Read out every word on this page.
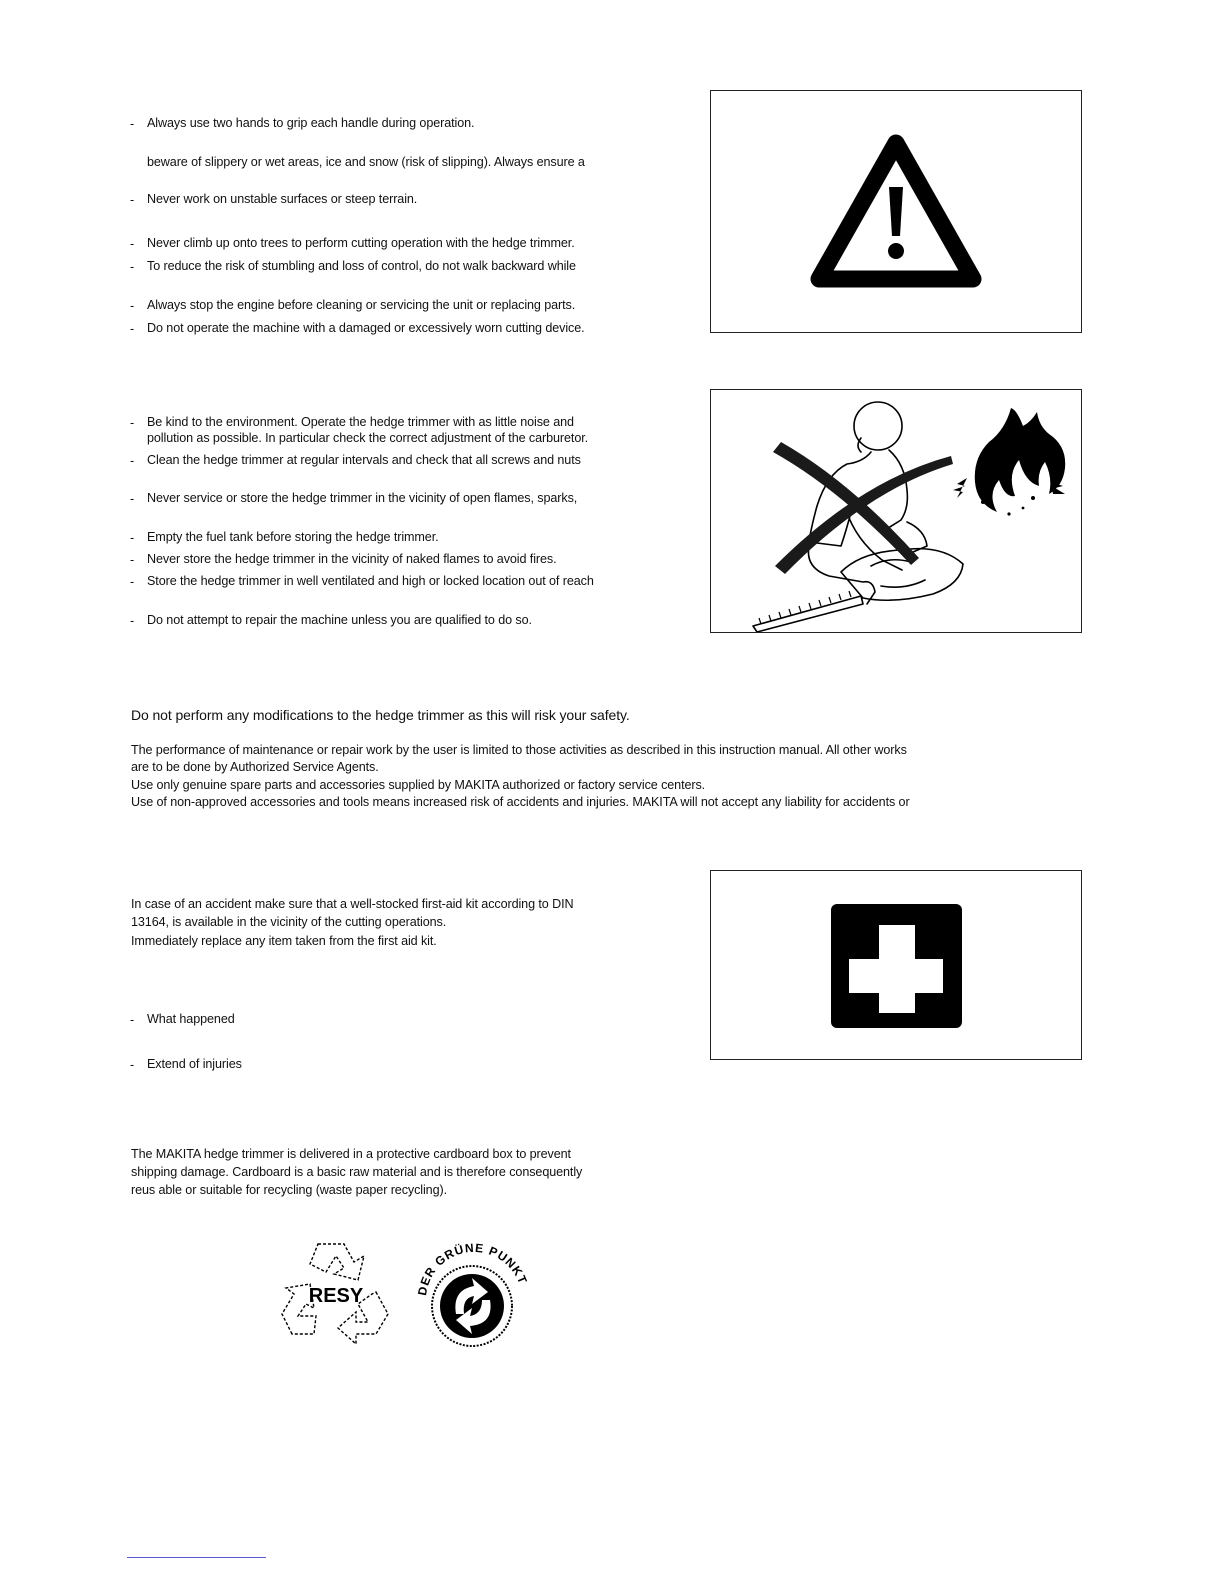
- Always use two hands to grip each handle during operation.
beware of slippery or wet areas, ice and snow (risk of slipping). Always ensure a
- Never work on unstable surfaces or steep terrain.
- Never climb up onto trees to perform cutting operation with the hedge trimmer.
- To reduce the risk of stumbling and loss of control, do not walk backward while
- Always stop the engine before cleaning or servicing the unit or replacing parts.
- Do not operate the machine with a damaged or excessively worn cutting device.
- Be kind to the environment. Operate the hedge trimmer with as little noise and
pollution as possible. In particular check the correct adjustment of the carburetor.
- Clean the hedge trimmer at regular intervals and check that all screws and nuts
- Never service or store the hedge trimmer in the vicinity of open flames, sparks,
- Empty the fuel tank before storing the hedge trimmer.
- Never store the hedge trimmer in the vicinity of naked flames to avoid fires.
- Store the hedge trimmer in well ventilated and high or locked location out of reach
- Do not attempt to repair the machine unless you are qualified to do so.
Do not perform any modifications to the hedge trimmer as this will risk your safety.
The performance of maintenance or repair work by the user is limited to those activities as described in this instruction manual. All other works
are to be done by Authorized Service Agents.
Use only genuine spare parts and accessories supplied by MAKITA authorized or factory service centers.
Use of non-approved accessories and tools means increased risk of accidents and injuries. MAKITA will not accept any liability for accidents or
In case of an accident make sure that a well-stocked first-aid kit according to DIN
13164, is available in the vicinity of the cutting operations.
Immediately replace any item taken from the first aid kit.
- What happened
- Extend of injuries
The MAKITA hedge trimmer is delivered in a protective cardboard box to prevent
shipping damage. Cardboard is a basic raw material and is therefore consequently
reus able or suitable for recycling (waste paper recycling).
RESY	DER GRÜNE PUNKT
